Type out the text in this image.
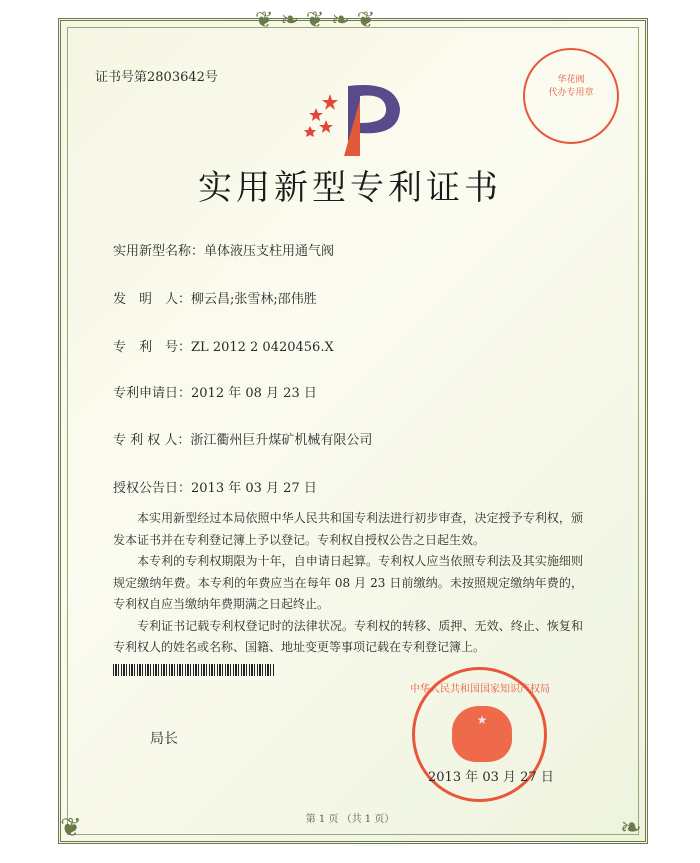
❦ ❧ ❦ ❧ ❦
❦	❧
证书号第2803642号	华花阀
代办专用章
实用新型专利证书
实用新型名称：单体液压支柱用通气阀
发　明　人：柳云昌;张雪林;邵伟胜
专　利　号：ZL 2012 2 0420456.X
专利申请日：2012 年 08 月 23 日
专 利 权 人：浙江衢州巨升煤矿机械有限公司
授权公告日：2013 年 03 月 27 日

本实用新型经过本局依照中华人民共和国专利法进行初步审查，决定授予专利权，颁发本证书并在专利登记簿上予以登记。专利权自授权公告之日起生效。

本专利的专利权期限为十年，自申请日起算。专利权人应当依照专利法及其实施细则规定缴纳年费。本专利的年费应当在每年 08 月 23 日前缴纳。未按照规定缴纳年费的，专利权自应当缴纳年费期满之日起终止。

专利证书记载专利权登记时的法律状况。专利权的转移、质押、无效、终止、恢复和专利权人的姓名或名称、国籍、地址变更等事项记载在专利登记簿上。

局长
★
中华人民共和国国家知识产权局
2013 年 03 月 27 日
第 1 页 （共 1 页）
